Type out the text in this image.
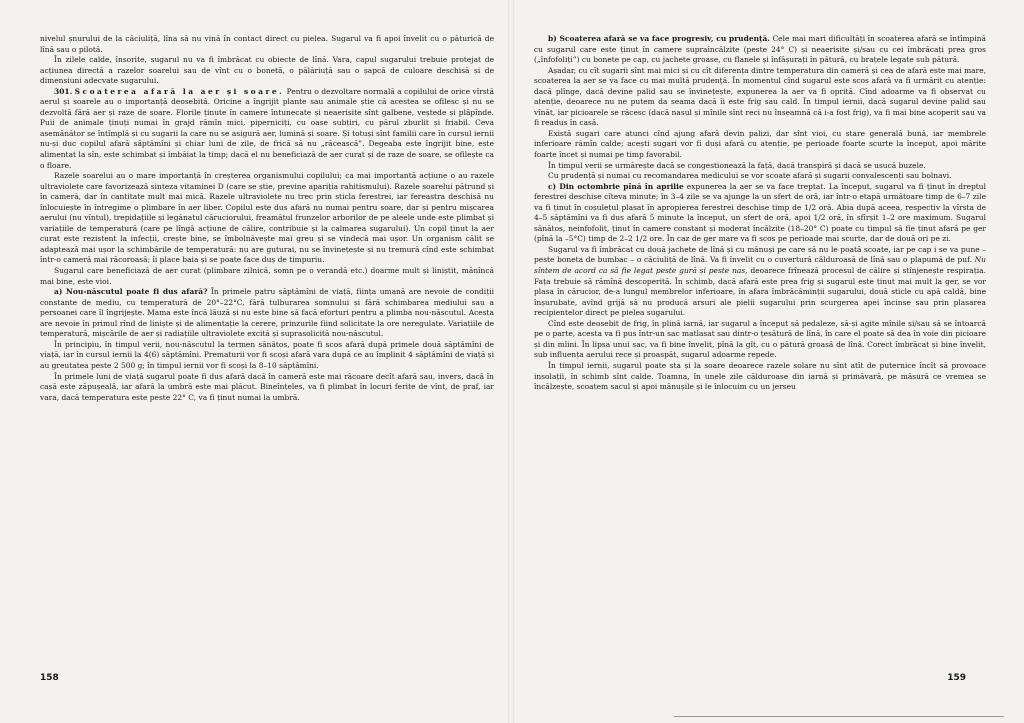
nivelul șnurului de la căciuliță, lîna să nu vină în contact direct cu pielea. Sugarul va fi apoi învelit cu o păturică de lînă sau o pilotă.

În zilele calde, însorite, sugarul nu va fi îmbrăcat cu obiecte de lînă. Vara, capul sugarului trebuie protejat de acțiunea directă a razelor soarelui sau de vînt cu o bonetă, o pălăriuță sau o șapcă de culoare deschisă și de dimensiuni adecvate sugarului.

301. Scoaterea afară la aer și soare. Pentru o dezvoltare normală a copilului de orice vîrstă aerul și soarele au o importanță deosebită. Oricine a îngrijit plante sau animale știe că acestea se ofilesc și nu se dezvoltă fără aer și raze de soare. Florile ținute în camere întunecate și neaerisite sînt galbene, veștede și plăpînde. Puii de animale ținuți numai în grajd rămîn mici, piperniciți, cu oase subțiri, cu părul zburlit și friabil. Ceva asemănător se întîmplă și cu sugarii la care nu se asigură aer, lumină și soare. Și totuși sînt familii care în cursul iernii nu-și duc copilul afară săptămîni și chiar luni de zile, de frică să nu „răcească”. Degeaba este îngrijit bine, este alimentat la sîn, este schimbat și îmbăiat la timp; dacă el nu beneficiază de aer curat și de raze de soare, se ofilește ca o floare.

Razele soarelui au o mare importanță în creșterea organismului copilului; ca mai importantă acțiune o au razele ultraviolete care favorizează sinteza vitaminei D (care se știe, previne apariția rahitismului). Razele soarelui pătrund și în cameră, dar în cantitate mult mai mică. Razele ultraviolete nu trec prin sticla ferestrei, iar fereastra deschisă nu înlocuiește în întregime o plimbare în aer liber. Copilul este dus afară nu numai pentru soare, dar și pentru mișcarea aerului (nu vîntul), trepidațiile și legănatul căruciorului, freamătul frunzelor arborilor de pe aleele unde este plimbat și variațiile de temperatură (care pe lîngă acțiune de călire, contribuie și la calmarea sugarului). Un copil ținut la aer curat este rezistent la infecții, crește bine, se îmbolnăvește mai greu și se vindecă mai ușor. Un organism călit se adaptează mai ușor la schimbările de temperatură: nu are guturai, nu se învinețește și nu tremură cînd este schimbat într-o cameră mai răcoroasă; îi place baia și se poate face duș de timpuriu.

Sugarul care beneficiază de aer curat (plimbare zilnică, somn pe o verandă etc.) doarme mult și liniștit, mănîncă mai bine, este vioi.

a) Nou-născutul poate fi dus afară? În primele patru săptămîni de viață, ființa umană are nevoie de condiții constante de mediu, cu temperatură de 20°–22°C, fără tulburarea somnului și fără schimbarea mediului sau a persoanei care îl îngrijește. Mama este încă lăuză și nu este bine să facă eforturi pentru a plimba nou-născutul. Acesta are nevoie în primul rînd de liniște și de alimentație la cerere, prinzurile fiind solicitate la ore neregulate. Variațiile de temperatură, mișcările de aer și radiațiile ultraviolete excită și suprasolicită nou-născutul.

În principiu, în timpul verii, nou-născutul la termen sănătos, poate fi scos afară după primele două săptămîni de viață, iar în cursul iernii la 4(6) săptămîni. Prematurii vor fi scoși afară vara după ce au împlinit 4 săptămîni de viață și au greutatea peste 2 500 g; în timpul iernii vor fi scoși la 8–10 săptămîni.

În primele luni de viață sugarul poate fi dus afară dacă în cameră este mai răcoare decît afară sau, invers, dacă în casă este zăpușeală, iar afară la umbră este mai plăcut. Bineînțeles, va fi plimbat în locuri ferite de vînt, de praf, iar vara, dacă temperatura este peste 22° C, va fi ținut numai la umbră.

158

b) Scoaterea afară se va face progresiv, cu prudență. Cele mai mari dificultăți în scoaterea afară se întîmpină cu sugarul care este ținut în camere supraîncălzite (peste 24° C) și neaerisite și/sau cu cei îmbrăcați prea gros („înfofoliți”) cu bonete pe cap, cu jachete groase, cu flanele și înfășurați în pătură, cu brațele legate sub pătură.

Așadar, cu cît sugarii sînt mai mici și cu cît diferența dintre temperatura din cameră și cea de afară este mai mare, scoaterea la aer se va face cu mai multă prudență. În momentul cînd sugarul este scos afară va fi urmărit cu atenție: dacă plînge, dacă devine palid sau se învinețește, expunerea la aer va fi oprită. Cînd adoarme va fi observat cu atenție, deoarece nu ne putem da seama dacă îi este frig sau cald. În timpul iernii, dacă sugarul devine palid sau vînăt, iar picioarele se răcesc (dacă nasul și mînile sînt reci nu înseamnă că i-a fost frig), va fi mai bine acoperit sau va fi readus în casă.

Există sugari care atunci cînd ajung afară devin palizi, dar sînt vioi, cu stare generală bună, iar membrele inferioare rămîn calde; acești sugari vor fi duși afară cu atenție, pe perioade foarte scurte la început, apoi mărite foarte încet și numai pe timp favorabil.

În timpul verii se urmărește dacă se congestionează la față, dacă transpiră și dacă se usucă buzele.

Cu prudență și numai cu recomandarea medicului se vor scoate afară și sugarii convalescenți sau bolnavi.

c) Din octombrie pînă în aprilie expunerea la aer se va face treptat. La început, sugarul va fi ținut în dreptul ferestrei deschise cîteva minute; în 3–4 zile se va ajunge la un sfert de oră, iar într-o etapă următoare timp de 6–7 zile va fi ținut în coșulețul plasat în apropierea ferestrei deschise timp de 1/2 oră. Abia după aceea, respectiv la vîrsta de 4–5 săptămîni va fi dus afară 5 minute la început, un sfert de oră, apoi 1/2 oră, în sfîrșit 1–2 ore maximum. Sugarul sănătos, neinfofolit, ținut în camere constant și moderat încălzite (18–20° C) poate cu timpul să fie ținut afară pe ger (pînă la –5°C) timp de 2–2 1/2 ore. În caz de ger mare va fi scos pe perioade mai scurte, dar de două ori pe zi.

Sugarul va fi îmbrăcat cu două jachete de lînă și cu mănuși pe care să nu le poată scoate, iar pe cap i se va pune – peste boneta de bumbac – o căciuliță de lînă. Va fi învelit cu o cuvertură călduroasă de lînă sau o plapumă de puf. Nu sîntem de acord ca să fie legat peste gură și peste nas, deoarece frînează procesul de călire și stînjenește respirația. Fața trebuie să rămînă descoperită. În schimb, dacă afară este prea frig și sugarul este ținut mai mult la ger, se vor plasa în cărucior, de-a lungul membrelor inferioare, în afara îmbrăcăminții sugarului, două sticle cu apă caldă, bine înșurubate, avînd grijă să nu producă arsuri ale pielii sugarului prin scurgerea apei încinse sau prin plasarea recipientelor direct pe pielea sugarului.

Cînd este deosebit de frig, în plină iarnă, iar sugarul a început să pedaleze, să-și agite mînile și/sau să se întoarcă pe o parte, acesta va fi pus într-un sac matlasat sau dintr-o țesătură de lînă, în care el poate să dea în voie din picioare și din mîini. În lipsa unui sac, va fi bine învelit, pînă la gît, cu o pătură groasă de lînă. Corect îmbrăcat și bine învelit, sub influența aerului rece și proaspăt, sugarul adoarme repede.

În timpul iernii, sugarul poate sta și la soare deoarece razele solare nu sînt atît de puternice încît să provoace insolații, în schimb sînt calde. Toamna, în unele zile călduroase din iarnă și primăvară, pe măsură ce vremea se încălzește, scoatem sacul și apoi mănușile și le înlocuim cu un jerseu

159
